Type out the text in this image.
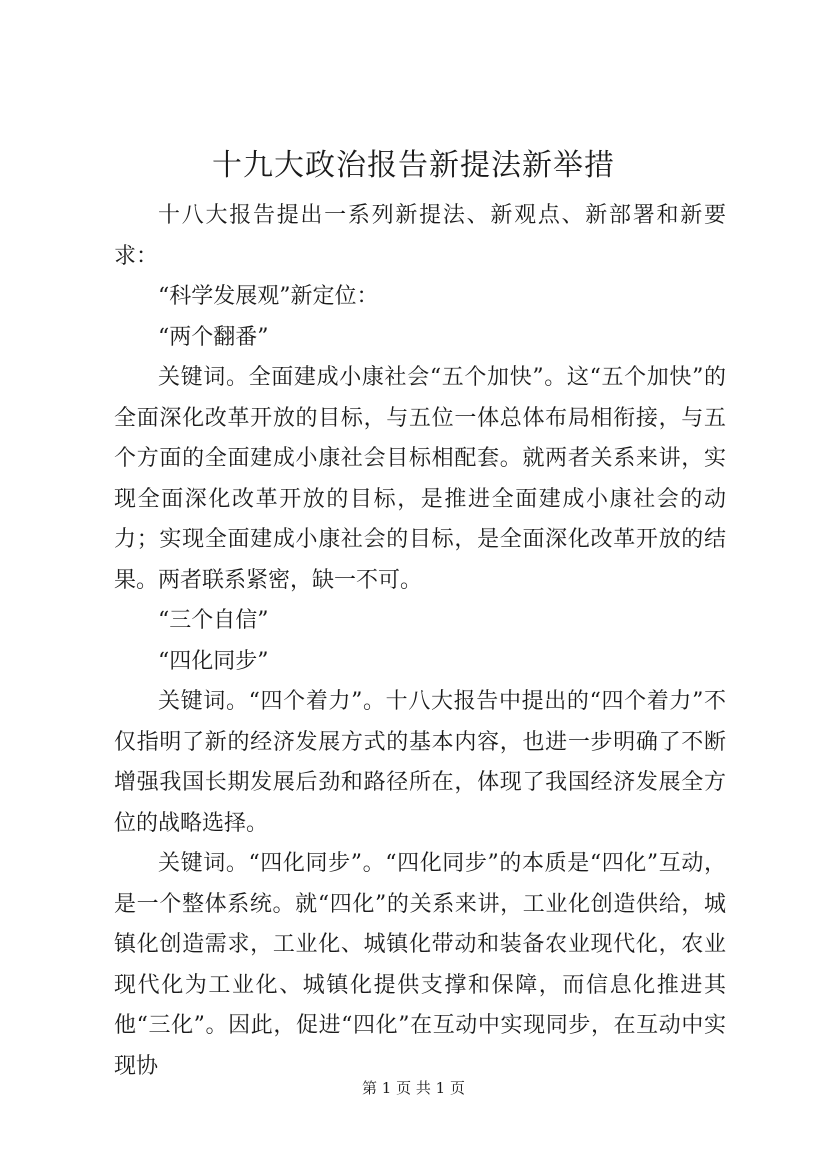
十九大政治报告新提法新举措

十八大报告提出一系列新提法、新观点、新部署和新要求：

“科学发展观”新定位：

“两个翻番”

关键词。全面建成小康社会“五个加快”。这“五个加快”的全面深化改革开放的目标，与五位一体总体布局相衔接，与五个方面的全面建成小康社会目标相配套。就两者关系来讲，实现全面深化改革开放的目标，是推进全面建成小康社会的动力；实现全面建成小康社会的目标，是全面深化改革开放的结果。两者联系紧密，缺一不可。

“三个自信”

“四化同步”

关键词。“四个着力”。十八大报告中提出的“四个着力”不仅指明了新的经济发展方式的基本内容，也进一步明确了不断增强我国长期发展后劲和路径所在，体现了我国经济发展全方位的战略选择。

关键词。“四化同步”。“四化同步”的本质是“四化”互动，是一个整体系统。就“四化”的关系来讲，工业化创造供给，城镇化创造需求，工业化、城镇化带动和装备农业现代化，农业现代化为工业化、城镇化提供支撑和保障，而信息化推进其他“三化”。因此，促进“四化”在互动中实现同步，在互动中实现协

第 1 页 共 1 页
